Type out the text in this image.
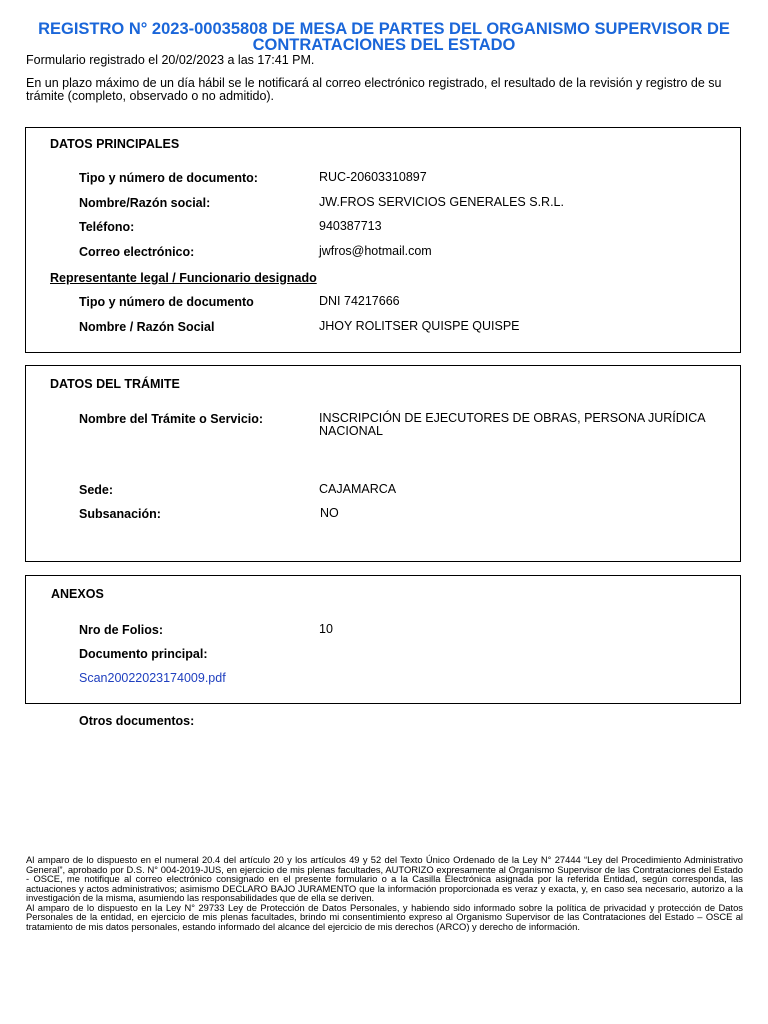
REGISTRO N° 2023-00035808 DE MESA DE PARTES DEL ORGANISMO SUPERVISOR DE CONTRATACIONES DEL ESTADO
Formulario registrado el 20/02/2023 a las 17:41 PM.
En un plazo máximo de un día hábil se le notificará al correo electrónico registrado, el resultado de la revisión y registro de su trámite (completo, observado o no admitido).
DATOS PRINCIPALES
Tipo y número de documento:	RUC-20603310897
Nombre/Razón social:	JW.FROS SERVICIOS GENERALES S.R.L.
Teléfono:	940387713
Correo electrónico:	jwfros@hotmail.com
Representante legal / Funcionario designado
Tipo y número de documento	DNI 74217666
Nombre / Razón Social	JHOY ROLITSER QUISPE QUISPE
DATOS DEL TRÁMITE
Nombre del Trámite o Servicio:	INSCRIPCIÓN DE EJECUTORES DE OBRAS, PERSONA JURÍDICA NACIONAL
Sede:	CAJAMARCA
Subsanación:	NO
ANEXOS
Nro de Folios:	10
Documento principal:
Scan20022023174009.pdf
Otros documentos:

Al amparo de lo dispuesto en el numeral 20.4 del artículo 20 y los artículos 49 y 52 del Texto Único Ordenado de la Ley N° 27444 “Ley del Procedimiento Administrativo General”, aprobado por D.S. N° 004-2019-JUS, en ejercicio de mis plenas facultades, AUTORIZO expresamente al Organismo Supervisor de las Contrataciones del Estado - OSCE, me notifique al correo electrónico consignado en el presente formulario o a la Casilla Electrónica asignada por la referida Entidad, según corresponda, las actuaciones y actos administrativos; asimismo DECLARO BAJO JURAMENTO que la información proporcionada es veraz y exacta, y, en caso sea necesario, autorizo a la investigación de la misma, asumiendo las responsabilidades que de ella se deriven.

Al amparo de lo dispuesto en la Ley N° 29733 Ley de Protección de Datos Personales, y habiendo sido informado sobre la política de privacidad y protección de Datos Personales de la entidad, en ejercicio de mis plenas facultades, brindo mi consentimiento expreso al Organismo Supervisor de las Contrataciones del Estado – OSCE al tratamiento de mis datos personales, estando informado del alcance del ejercicio de mis derechos (ARCO) y derecho de información.
